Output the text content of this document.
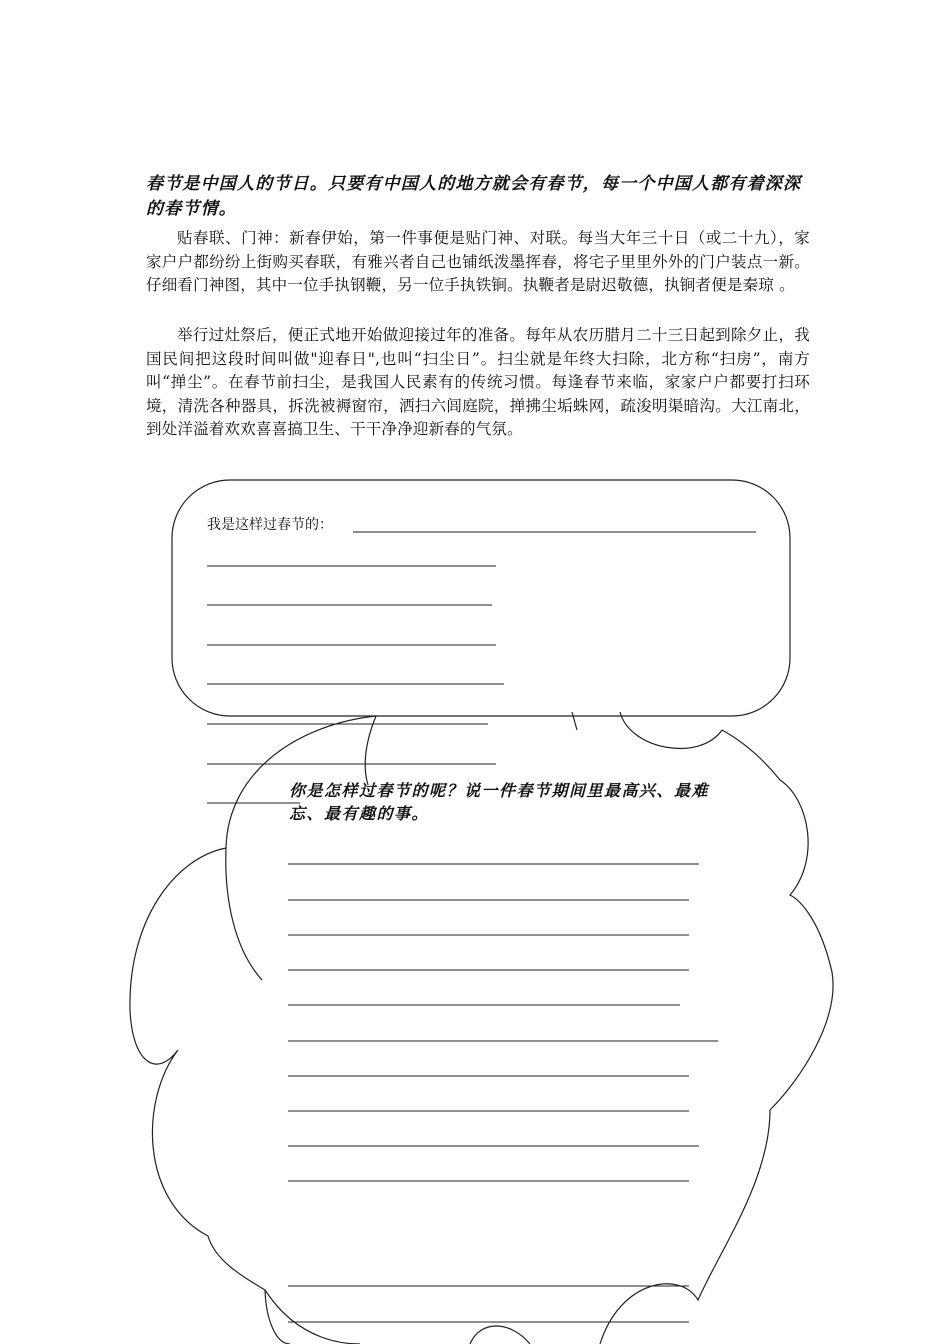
春节是中国人的节日。只要有中国人的地方就会有春节，每一个中国人都有着深深的春节情。

贴春联、门神：新春伊始，第一件事便是贴门神、对联。每当大年三十日（或二十九），家家户户都纷纷上街购买春联，有雅兴者自己也铺纸泼墨挥春，将宅子里里外外的门户装点一新。仔细看门神图，其中一位手执钢鞭，另一位手执铁锏。执鞭者是尉迟敬德，执锏者便是秦琼 。

举行过灶祭后，便正式地开始做迎接过年的准备。每年从农历腊月二十三日起到除夕止，我国民间把这段时间叫做"迎春日",也叫“扫尘日”。扫尘就是年终大扫除，北方称“扫房”，南方叫“掸尘”。在春节前扫尘，是我国人民素有的传统习惯。每逢春节来临，家家户户都要打扫环境，清洗各种器具，拆洗被褥窗帘，洒扫六闾庭院，掸拂尘垢蛛网，疏浚明渠暗沟。大江南北，到处洋溢着欢欢喜喜搞卫生、干干净净迎新春的气氛。

我是这样过春节的：

你是怎样过春节的呢？说一件春节期间里最高兴、最难忘、最有趣的事。
